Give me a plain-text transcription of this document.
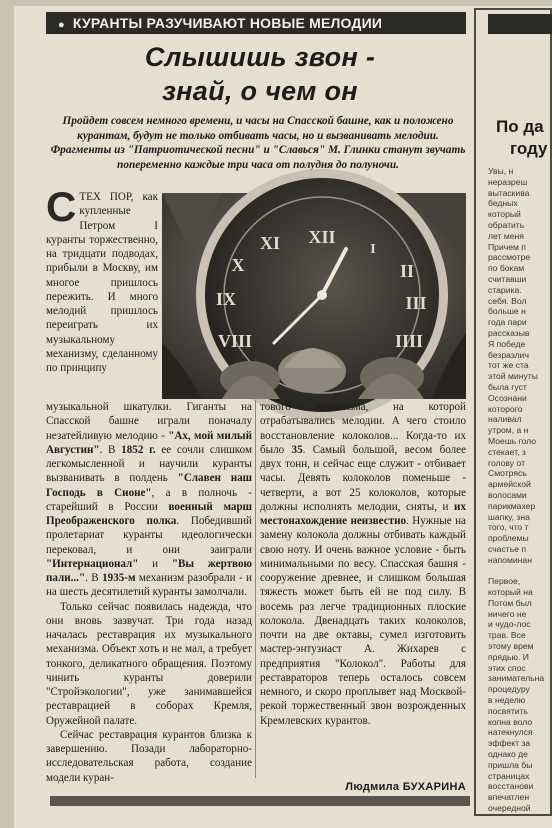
● КУРАНТЫ РАЗУЧИВАЮТ НОВЫЕ МЕЛОДИИ
Слышишь звон -
знай, о чем он
Пройдет совсем немного времени, и часы на Спасской башне, как и положено курантам, будут не только отбивать часы, но и вызванивать мелодии. Фрагменты из "Патриотической песни" и "Славься" М. Глинки станут звучать попеременно каждые три часа от полудня до полуночи.
СТЕХ ПОР, как купленные Петром I куранты торжественно, на тридцати подводах, прибыли в Москву, им многое пришлось пережить. И много мелодий пришлось переиграть их музыкальному механизму, сделанному по принципу
XII
I
II
III
IIII
VIII
IX
X
XI

музыкальной шкатулки. Гиганты на Спасской башне играли поначалу незатейливую мелодию - "Ах, мой милый Августин". В 1852 г. ее сочли слишком легкомысленной и научили куранты вызванивать в полдень "Славен наш Господь в Сионе", а в полночь - старейший в России военный марш Преображенского полка. Победивший пролетариат куранты идеологически перековал, и они заиграли "Интернационал" и "Вы жертвою пали...". В 1935-м механизм разобрали - и на шесть десятилетий куранты замолчали.

Только сейчас появилась надежда, что они вновь зазвучат. Три года назад началась реставрация их музыкального механизма. Объект хоть и не мал, а требует тонкого, деликатного обращения. Поэтому чинить куранты доверили "Стройэкологии", уже занимавшейся реставрацией в соборах Кремля, Оружейной палате.

Сейчас реставрация курантов близка к завершению. Позади лабораторно-исследовательская работа, создание модели куран-

тового механизма, на которой отрабатывались мелодии. А чего стоило восстановление колоколов... Когда-то их было 35. Самый большой, весом более двух тонн, и сейчас еще служит - отбивает часы. Девять колоколов поменьше - четверти, а вот 25 колоколов, которые должны исполнять мелодии, сняты, и их местонахождение неизвестно. Нужные на замену колокола должны отбивать каждый свою ноту. И очень важное условие - быть минимальными по весу. Спасская башня - сооружение древнее, и слишком большая тяжесть может быть ей не под силу. В восемь раз легче традиционных плоские колокола. Двенадцать таких колоколов, почти на две октавы, сумел изготовить мастер-энтузиаст А. Жихарев с предприятия "Колокол". Работы для реставраторов теперь осталось совсем немного, и скоро проплывет над Москвой-рекой торжественный звон возрожденных Кремлевских курантов.

Людмила БУХАРИНА
По да
году
Увы, н
неразреш
вытаскива
бедных
который
обратить
лет меня
Причем п
рассмотре
по бокам
считавши
старика.
себя. Вол
больше н
года пари
рассказыв
Я победе
безразлич
тот же ста
этой минуты
была густ
Осознани
которого
наливал
утром, а н
Моешь голо
стекает, з
голову от
Смотрясь
армейской
волосами
парикмахер
шапку, зна
того, что т
проблемы
счастье п
напоминан

Первое,
который на
Потом был
ничего не
и чудо-лос
трав. Все
этому врем
прядью. И
этих спос
занимательна
процедуру
в неделю
посвятить
копна воло
натекнулся
эффект за
однако де
пришла бы
страницах
восстанови
впечатлен
очередной
